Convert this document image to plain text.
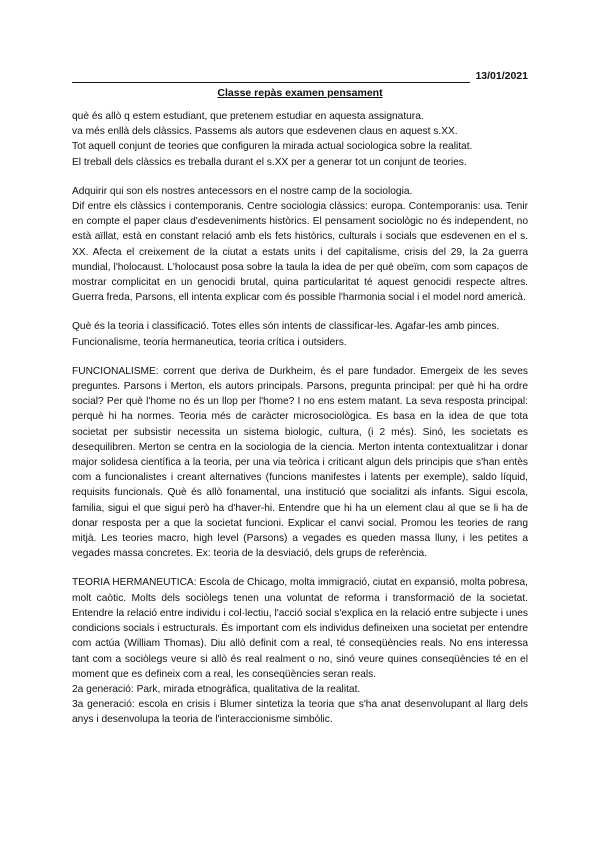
13/01/2021
Classe repàs examen pensament

què és allò q estem estudiant, que pretenem estudiar en aquesta assignatura.

va més enllà dels clàssics. Passems als autors que esdevenen claus en aquest s.XX.

Tot aquell conjunt de teories que configuren la mirada actual sociologica sobre la realitat.

El treball dels clàssics es treballa durant el s.XX per a generar tot un conjunt de teories.

Adquirir qui son els nostres antecessors en el nostre camp de la sociologia.

Dif entre els clàssics i contemporanis. Centre sociologia clàssics: europa. Contemporanis: usa. Tenir en compte el paper claus d'esdeveniments històrics. El pensament sociològic no és independent, no està aïllat, està en constant relació amb els fets històrics, culturals i socials que esdevenen en el s. XX. Afecta el creixement de la ciutat a estats units i del capitalisme, crisis del 29, la 2a guerra mundial, l'holocaust. L'holocaust posa sobre la taula la idea de per què obeïm, com som capaços de mostrar complicitat en un genocidi brutal, quina particularitat té aquest genocidi respecte altres. Guerra freda, Parsons, ell intenta explicar com és possible l'harmonia social i el model nord americà.

Què és la teoria i classificació. Totes elles són intents de classificar-les. Agafar-les amb pinces.

Funcionalisme, teoria hermaneutica, teoria crítica i outsiders.

FUNCIONALISME: corrent que deriva de Durkheim, és el pare fundador. Emergeix de les seves preguntes. Parsons i Merton, els autors principals. Parsons, pregunta principal: per què hi ha ordre social? Per què l'home no és un llop per l'home? I no ens estem matant. La seva resposta principal: perquè hi ha normes. Teoria més de caràcter microsociològica. Es basa en la idea de que tota societat per subsistir necessita un sistema biologic, cultura, (i 2 més). Sinó, les societats es desequilibren. Merton se centra en la sociologia de la ciencia. Merton intenta contextualitzar i donar major solidesa científica a la teoria, per una via teòrica i criticant algun dels principis que s'han entès com a funcionalistes i creant alternatives (funcions manifestes i latents per exemple), saldo líquid, requisits funcionals. Què és allò fonamental, una institució que socialitzi als infants. Sigui escola, familia, sigui el que sigui però ha d'haver-hi. Entendre que hi ha un element clau al que se li ha de donar resposta per a que la societat funcioni. Explicar el canvi social. Promou les teories de rang mitjà. Les teories macro, high level (Parsons) a vegades es queden massa lluny, i les petites a vegades massa concretes. Ex: teoria de la desviació, dels grups de referència.

TEORIA HERMANEUTICA: Escola de Chicago, molta immigració, ciutat en expansió, molta pobresa, molt caòtic. Molts dels sociòlegs tenen una voluntat de reforma i transformació de la societat. Entendre la relació entre individu i col·lectiu, l'acció social s'explica en la relació entre subjecte i unes condicions socials i estructurals. És important com els individus defineixen una societat per entendre com actúa (William Thomas). Diu allò definit com a real, té conseqüències reals. No ens interessa tant com a sociòlegs veure si allò és real realment o no, sinó veure quines conseqüències té en el moment que es defineix com a real, les conseqüències seran reals.

2a generació: Park, mirada etnogràfica, qualitativa de la realitat.

3a generació: escola en crisis i Blumer sintetiza la teoria que s'ha anat desenvolupant al llarg dels anys i desenvolupa la teoria de l'interaccionisme simbòlic.
